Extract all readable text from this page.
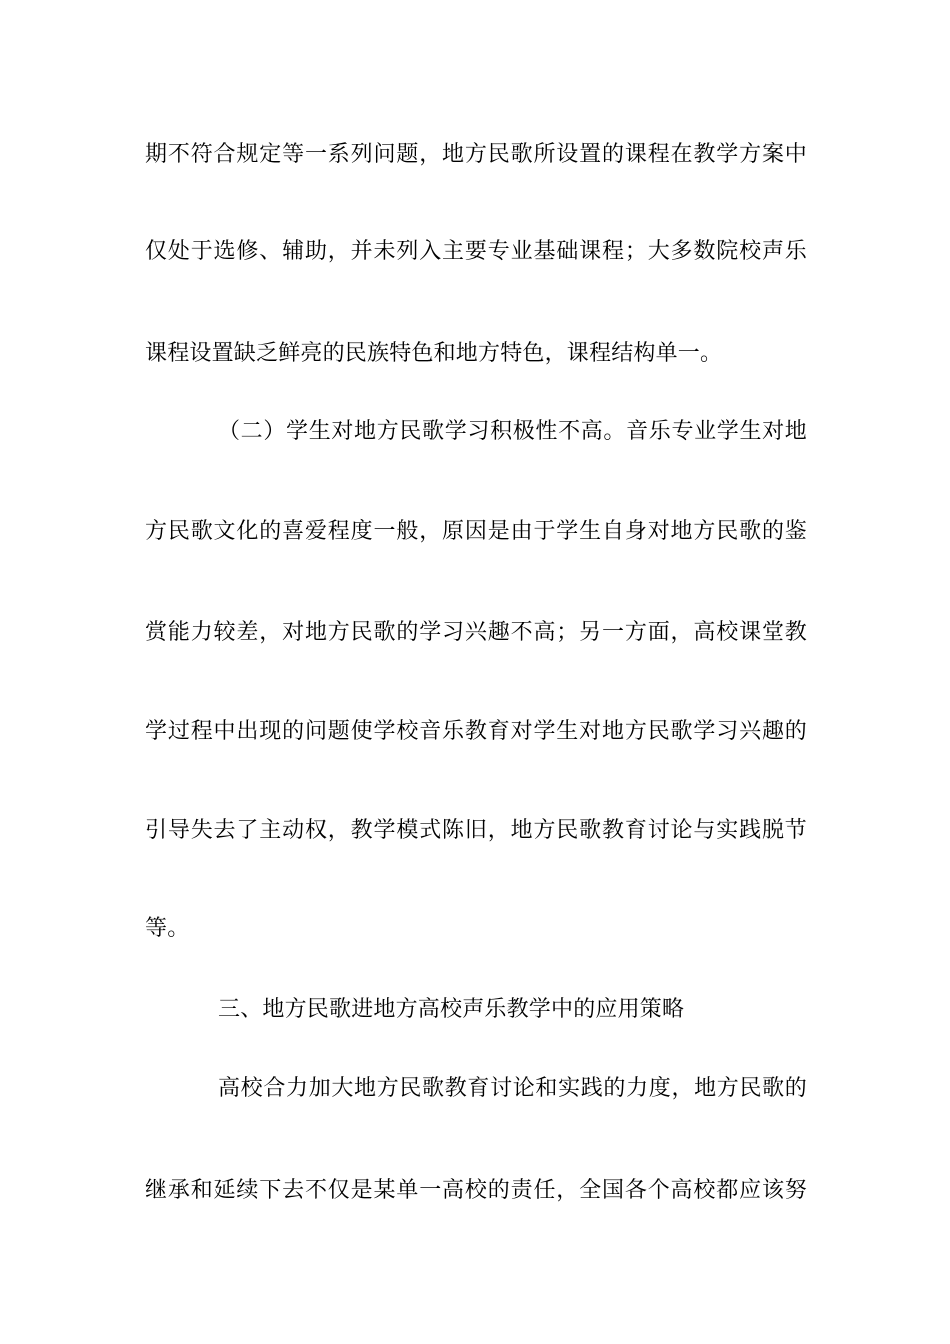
期不符合规定等一系列问题，地方民歌所设置的课程在教学方案中
仅处于选修、辅助，并未列入主要专业基础课程；大多数院校声乐
课程设置缺乏鲜亮的民族特色和地方特色，课程结构单一。
（二）学生对地方民歌学习积极性不高。音乐专业学生对地
方民歌文化的喜爱程度一般，原因是由于学生自身对地方民歌的鉴
赏能力较差，对地方民歌的学习兴趣不高；另一方面，高校课堂教
学过程中出现的问题使学校音乐教育对学生对地方民歌学习兴趣的
引导失去了主动权，教学模式陈旧，地方民歌教育讨论与实践脱节
等。
三、地方民歌进地方高校声乐教学中的应用策略
高校合力加大地方民歌教育讨论和实践的力度，地方民歌的
继承和延续下去不仅是某单一高校的责任，全国各个高校都应该努
